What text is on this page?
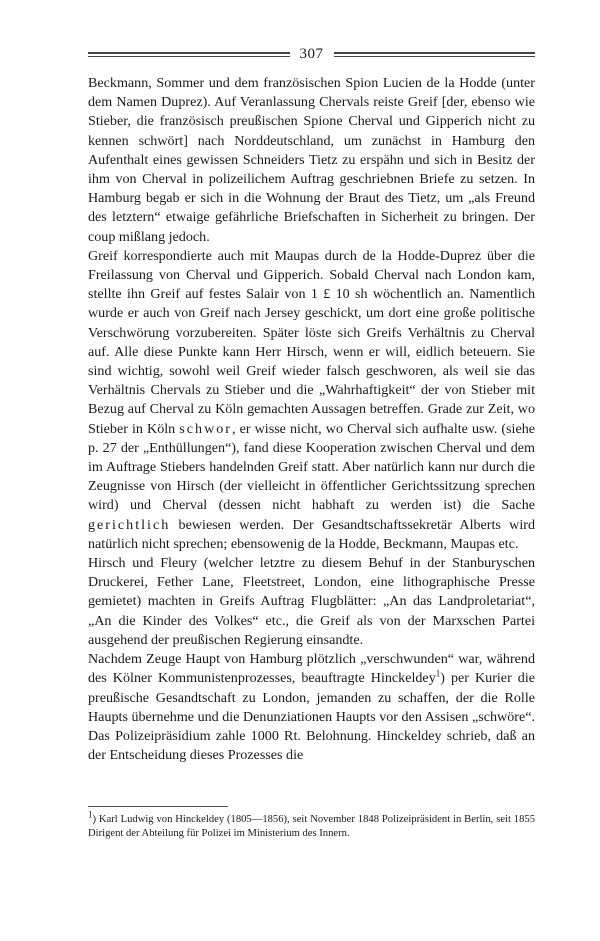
307

Beckmann, Sommer und dem französischen Spion Lucien de la Hodde (unter dem Namen Duprez). Auf Veranlassung Chervals reiste Greif [der, ebenso wie Stieber, die französisch preußischen Spione Cherval und Gipperich nicht zu kennen schwört] nach Norddeutschland, um zunächst in Hamburg den Aufenthalt eines gewissen Schneiders Tietz zu erspähn und sich in Besitz der ihm von Cherval in polizeilichem Auftrag geschriebnen Briefe zu setzen. In Hamburg begab er sich in die Wohnung der Braut des Tietz, um „als Freund des letztern“ etwaige gefährliche Briefschaften in Sicherheit zu bringen. Der coup mißlang jedoch.

Greif korrespondierte auch mit Maupas durch de la Hodde-Duprez über die Freilassung von Cherval und Gipperich. Sobald Cherval nach London kam, stellte ihn Greif auf festes Salair von 1 £ 10 sh wöchentlich an. Namentlich wurde er auch von Greif nach Jersey geschickt, um dort eine große politische Verschwörung vorzubereiten. Später löste sich Greifs Verhältnis zu Cherval auf. Alle diese Punkte kann Herr Hirsch, wenn er will, eidlich beteuern. Sie sind wichtig, sowohl weil Greif wieder falsch geschworen, als weil sie das Verhältnis Chervals zu Stieber und die „Wahrhaftigkeit“ der von Stieber mit Bezug auf Cherval zu Köln gemachten Aussagen betreffen. Grade zur Zeit, wo Stieber in Köln schwor, er wisse nicht, wo Cherval sich aufhalte usw. (siehe p. 27 der „Enthüllungen“), fand diese Kooperation zwischen Cherval und dem im Auftrage Stiebers handelnden Greif statt. Aber natürlich kann nur durch die Zeugnisse von Hirsch (der vielleicht in öffentlicher Gerichtssitzung sprechen wird) und Cherval (dessen nicht habhaft zu werden ist) die Sache gerichtlich bewiesen werden. Der Gesandtschaftssekretär Alberts wird natürlich nicht sprechen; ebensowenig de la Hodde, Beckmann, Maupas etc.

Hirsch und Fleury (welcher letztre zu diesem Behuf in der Stanburyschen Druckerei, Fether Lane, Fleetstreet, London, eine lithographische Presse gemietet) machten in Greifs Auftrag Flugblätter: „An das Landproletariat“, „An die Kinder des Volkes“ etc., die Greif als von der Marxschen Partei ausgehend der preußischen Regierung einsandte.

Nachdem Zeuge Haupt von Hamburg plötzlich „verschwunden“ war, während des Kölner Kommunistenprozesses, beauftragte Hinckeldey$^1$) per Kurier die preußische Gesandtschaft zu London, jemanden zu schaffen, der die Rolle Haupts übernehme und die Denunziationen Haupts vor den Assisen „schwöre“. Das Polizeipräsidium zahle 1000 Rt. Belohnung. Hinckeldey schrieb, daß an der Entscheidung dieses Prozesses die

$^1$) Karl Ludwig von Hinckeldey (1805—1856), seit November 1848 Polizeipräsident in Berlin, seit 1855 Dirigent der Abteilung für Polizei im Ministerium des Innern.
